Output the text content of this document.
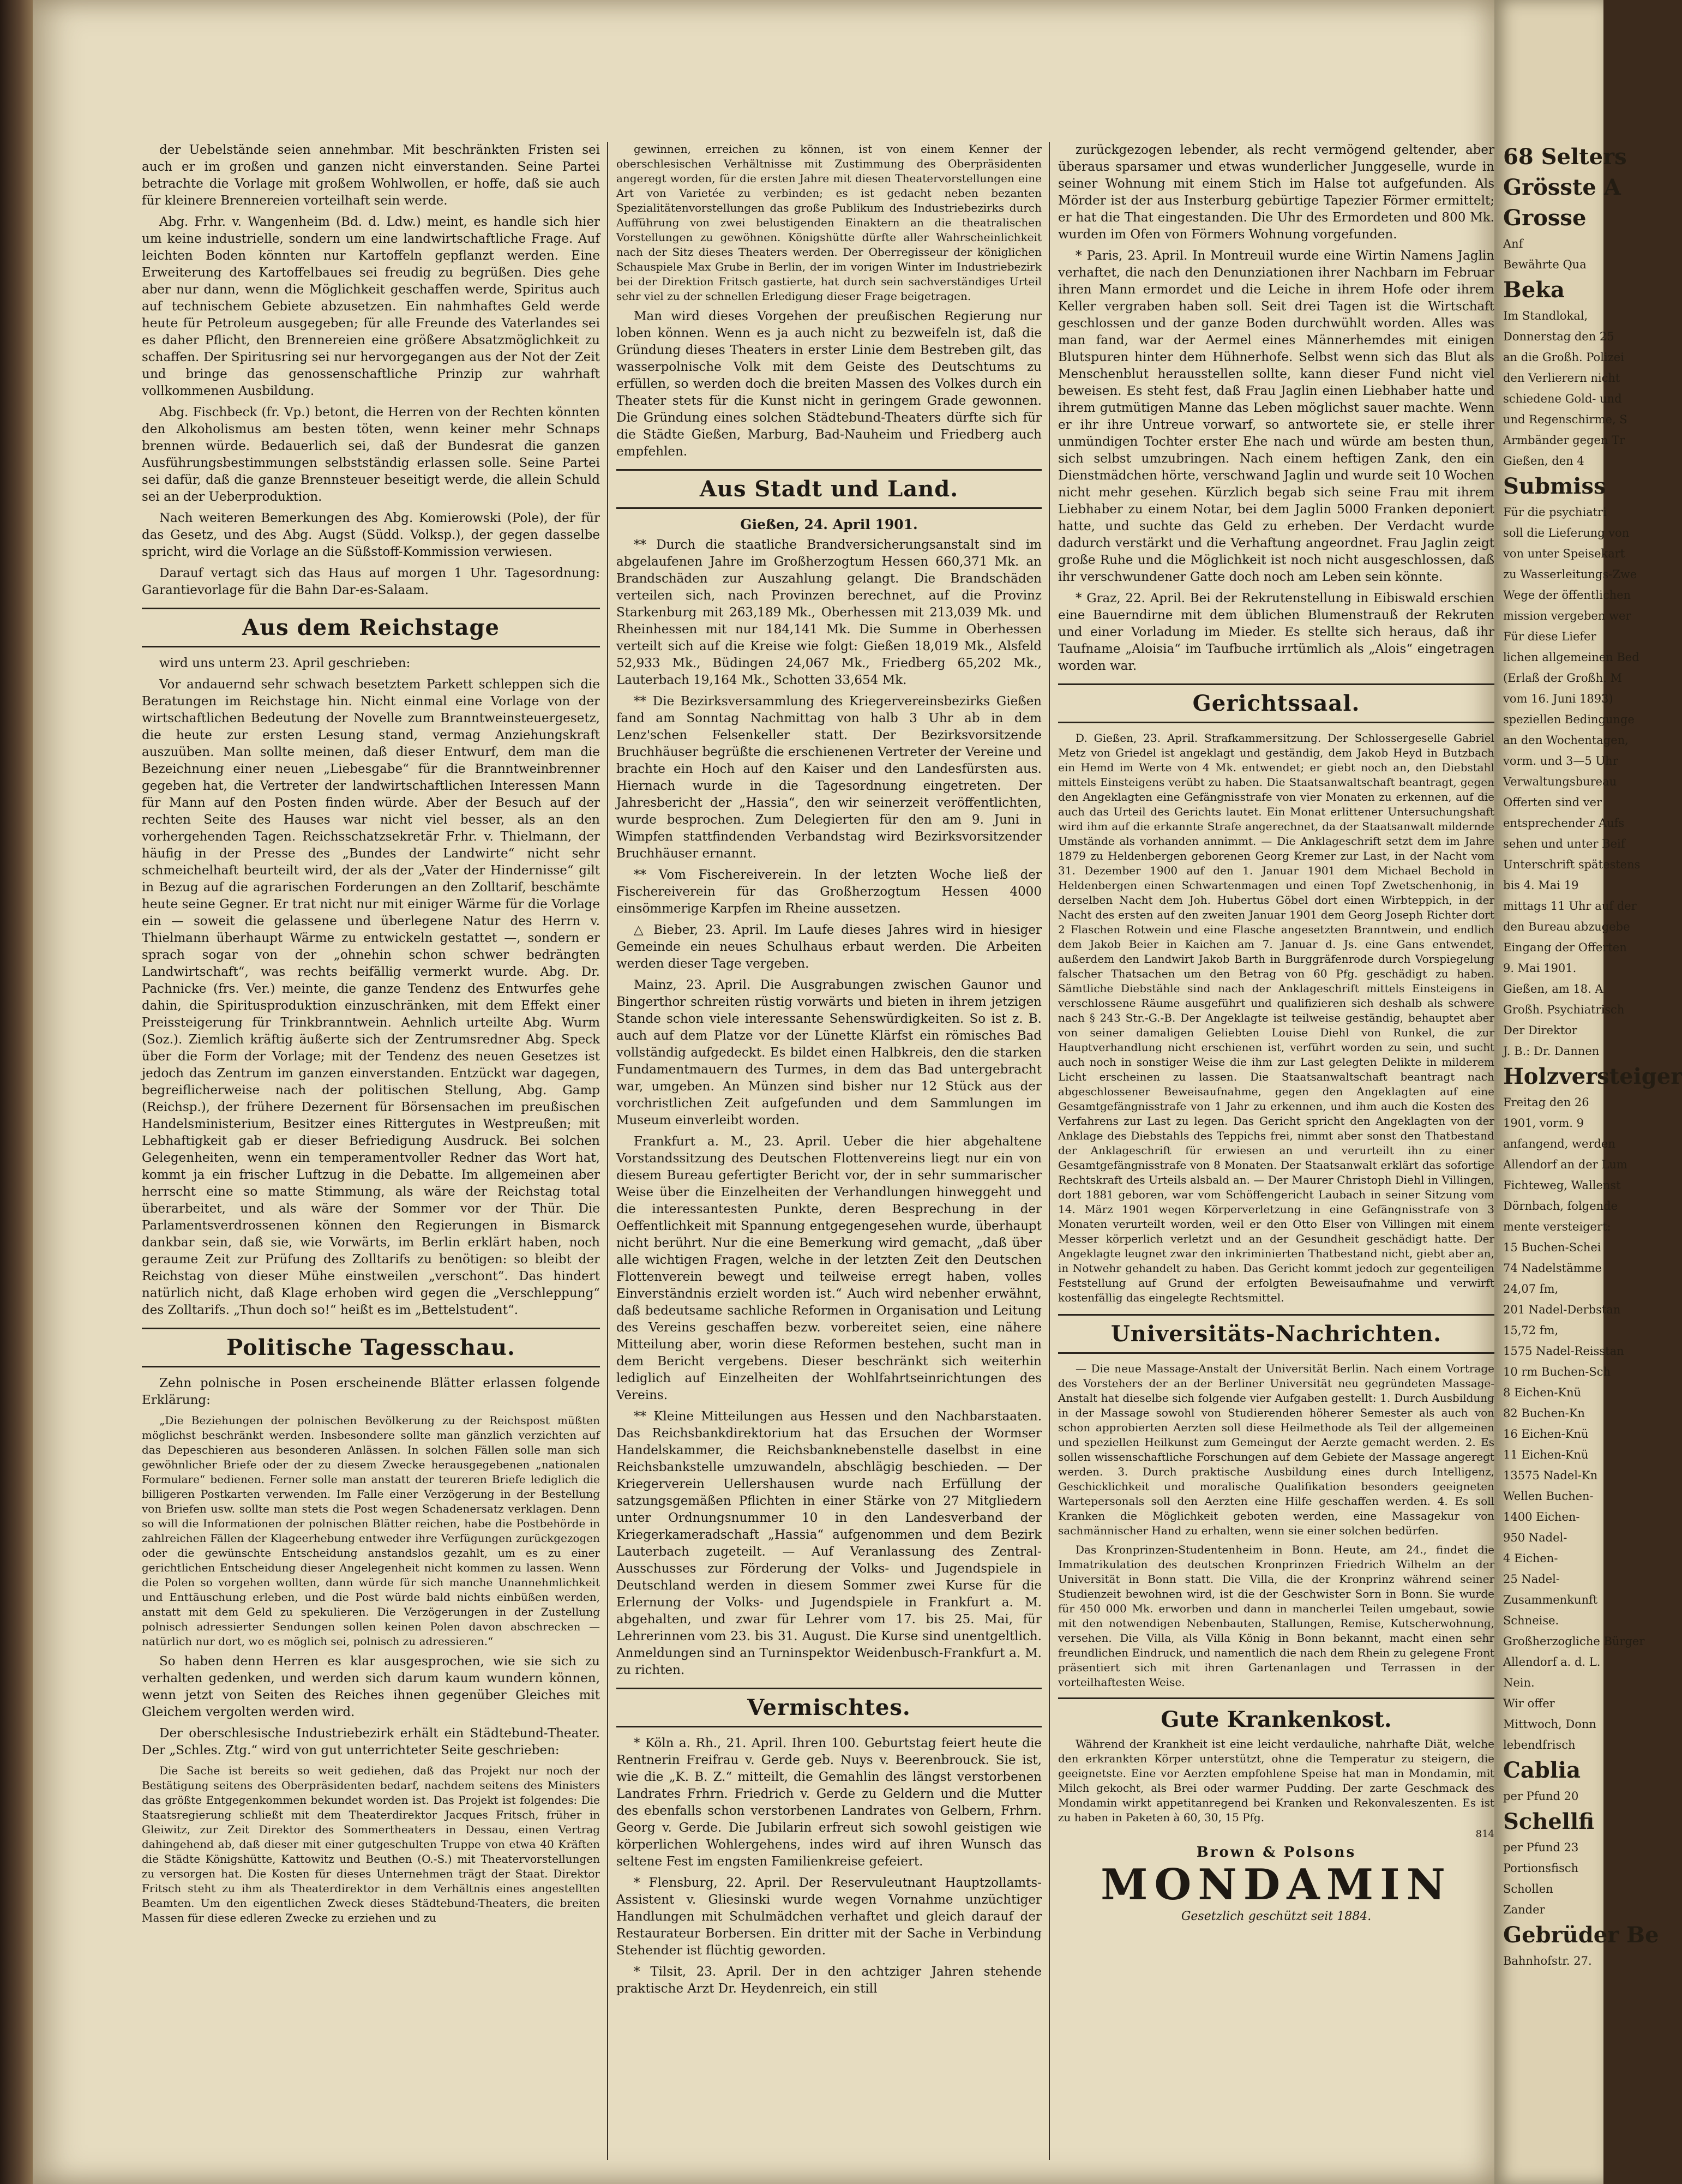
der Uebelstände seien annehmbar. Mit beschränkten Fristen sei auch er im großen und ganzen nicht einverstanden. Seine Partei betrachte die Vorlage mit großem Wohlwollen, er hoffe, daß sie auch für kleinere Brennereien vorteilhaft sein werde.

Abg. Frhr. v. Wangenheim (Bd. d. Ldw.) meint, es handle sich hier um keine industrielle, sondern um eine landwirtschaftliche Frage. Auf leichten Boden könnten nur Kartoffeln gepflanzt werden. Eine Erweiterung des Kartoffelbaues sei freudig zu begrüßen. Dies gehe aber nur dann, wenn die Möglichkeit geschaffen werde, Spiritus auch auf technischem Gebiete abzusetzen. Ein nahmhaftes Geld werde heute für Petroleum ausgegeben; für alle Freunde des Vaterlandes sei es daher Pflicht, den Brennereien eine größere Absatzmöglichkeit zu schaffen. Der Spiritusring sei nur hervorgegangen aus der Not der Zeit und bringe das genossenschaftliche Prinzip zur wahrhaft vollkommenen Ausbildung.

Abg. Fischbeck (fr. Vp.) betont, die Herren von der Rechten könnten den Alkoholismus am besten töten, wenn keiner mehr Schnaps brennen würde. Bedauerlich sei, daß der Bundesrat die ganzen Ausführungsbestimmungen selbstständig erlassen solle. Seine Partei sei dafür, daß die ganze Brennsteuer beseitigt werde, die allein Schuld sei an der Ueberproduktion.

Nach weiteren Bemerkungen des Abg. Komierowski (Pole), der für das Gesetz, und des Abg. Augst (Südd. Volksp.), der gegen dasselbe spricht, wird die Vorlage an die Süßstoff-Kommission verwiesen.

Darauf vertagt sich das Haus auf morgen 1 Uhr. Tagesordnung: Garantievorlage für die Bahn Dar-es-Salaam.

Aus dem Reichstage

wird uns unterm 23. April geschrieben:

Vor andauernd sehr schwach besetztem Parkett schleppen sich die Beratungen im Reichstage hin. Nicht einmal eine Vorlage von der wirtschaftlichen Bedeutung der Novelle zum Branntweinsteuergesetz, die heute zur ersten Lesung stand, vermag Anziehungskraft auszuüben. Man sollte meinen, daß dieser Entwurf, dem man die Bezeichnung einer neuen „Liebesgabe“ für die Branntweinbrenner gegeben hat, die Vertreter der landwirtschaftlichen Interessen Mann für Mann auf den Posten finden würde. Aber der Besuch auf der rechten Seite des Hauses war nicht viel besser, als an den vorhergehenden Tagen. Reichsschatzsekretär Frhr. v. Thielmann, der häufig in der Presse des „Bundes der Landwirte“ nicht sehr schmeichelhaft beurteilt wird, der als der „Vater der Hindernisse“ gilt in Bezug auf die agrarischen Forderungen an den Zolltarif, beschämte heute seine Gegner. Er trat nicht nur mit einiger Wärme für die Vorlage ein — soweit die gelassene und überlegene Natur des Herrn v. Thielmann überhaupt Wärme zu entwickeln gestattet —, sondern er sprach sogar von der „ohnehin schon schwer bedrängten Landwirtschaft“, was rechts beifällig vermerkt wurde. Abg. Dr. Pachnicke (frs. Ver.) meinte, die ganze Tendenz des Entwurfes gehe dahin, die Spiritusproduktion einzuschränken, mit dem Effekt einer Preissteigerung für Trinkbranntwein. Aehnlich urteilte Abg. Wurm (Soz.). Ziemlich kräftig äußerte sich der Zentrumsredner Abg. Speck über die Form der Vorlage; mit der Tendenz des neuen Gesetzes ist jedoch das Zentrum im ganzen einverstanden. Entzückt war dagegen, begreiflicherweise nach der politischen Stellung, Abg. Gamp (Reichsp.), der frühere Dezernent für Börsensachen im preußischen Handelsministerium, Besitzer eines Rittergutes in Westpreußen; mit Lebhaftigkeit gab er dieser Befriedigung Ausdruck. Bei solchen Gelegenheiten, wenn ein temperamentvoller Redner das Wort hat, kommt ja ein frischer Luftzug in die Debatte. Im allgemeinen aber herrscht eine so matte Stimmung, als wäre der Reichstag total überarbeitet, und als wäre der Sommer vor der Thür. Die Parlamentsverdrossenen können den Regierungen in Bismarck dankbar sein, daß sie, wie Vorwärts, im Berlin erklärt haben, noch geraume Zeit zur Prüfung des Zolltarifs zu benötigen: so bleibt der Reichstag von dieser Mühe einstweilen „verschont“. Das hindert natürlich nicht, daß Klage erhoben wird gegen die „Verschleppung“ des Zolltarifs. „Thun doch so!“ heißt es im „Bettelstudent“.

Politische Tagesschau.

Zehn polnische in Posen erscheinende Blätter erlassen folgende Erklärung:

„Die Beziehungen der polnischen Bevölkerung zu der Reichspost müßten möglichst beschränkt werden. Insbesondere sollte man gänzlich verzichten auf das Depeschieren aus besonderen Anlässen. In solchen Fällen solle man sich gewöhnlicher Briefe oder der zu diesem Zwecke herausgegebenen „nationalen Formulare“ bedienen. Ferner solle man anstatt der teureren Briefe lediglich die billigeren Postkarten verwenden. Im Falle einer Verzögerung in der Bestellung von Briefen usw. sollte man stets die Post wegen Schadenersatz verklagen. Denn so will die Informationen der polnischen Blätter reichen, habe die Postbehörde in zahlreichen Fällen der Klageerhebung entweder ihre Verfügungen zurückgezogen oder die gewünschte Entscheidung anstandslos gezahlt, um es zu einer gerichtlichen Entscheidung dieser Angelegenheit nicht kommen zu lassen. Wenn die Polen so vorgehen wollten, dann würde für sich manche Unannehmlichkeit und Enttäuschung erleben, und die Post würde bald nichts einbüßen werden, anstatt mit dem Geld zu spekulieren. Die Verzögerungen in der Zustellung polnisch adressierter Sendungen sollen keinen Polen davon abschrecken — natürlich nur dort, wo es möglich sei, polnisch zu adressieren.“

So haben denn Herren es klar ausgesprochen, wie sie sich zu verhalten gedenken, und werden sich darum kaum wundern können, wenn jetzt von Seiten des Reiches ihnen gegenüber Gleiches mit Gleichem vergolten werden wird.

Der oberschlesische Industriebezirk erhält ein Städtebund-Theater. Der „Schles. Ztg.“ wird von gut unterrichteter Seite geschrieben:

Die Sache ist bereits so weit gediehen, daß das Projekt nur noch der Bestätigung seitens des Oberpräsidenten bedarf, nachdem seitens des Ministers das größte Entgegenkommen bekundet worden ist. Das Projekt ist folgendes: Die Staatsregierung schließt mit dem Theaterdirektor Jacques Fritsch, früher in Gleiwitz, zur Zeit Direktor des Sommertheaters in Dessau, einen Vertrag dahingehend ab, daß dieser mit einer gutgeschulten Truppe von etwa 40 Kräften die Städte Königshütte, Kattowitz und Beuthen (O.-S.) mit Theatervorstellungen zu versorgen hat. Die Kosten für dieses Unternehmen trägt der Staat. Direktor Fritsch steht zu ihm als Theaterdirektor in dem Verhältnis eines angestellten Beamten. Um den eigentlichen Zweck dieses Städtebund-Theaters, die breiten Massen für diese edleren Zwecke zu erziehen und zu

gewinnen, erreichen zu können, ist von einem Kenner der oberschlesischen Verhältnisse mit Zustimmung des Oberpräsidenten angeregt worden, für die ersten Jahre mit diesen Theatervorstellungen eine Art von Varietée zu verbinden; es ist gedacht neben bezanten Spezialitätenvorstellungen das große Publikum des Industriebezirks durch Aufführung von zwei belustigenden Einaktern an die theatralischen Vorstellungen zu gewöhnen. Königshütte dürfte aller Wahrscheinlichkeit nach der Sitz dieses Theaters werden. Der Oberregisseur der königlichen Schauspiele Max Grube in Berlin, der im vorigen Winter im Industriebezirk bei der Direktion Fritsch gastierte, hat durch sein sachverständiges Urteil sehr viel zu der schnellen Erledigung dieser Frage beigetragen.

Man wird dieses Vorgehen der preußischen Regierung nur loben können. Wenn es ja auch nicht zu bezweifeln ist, daß die Gründung dieses Theaters in erster Linie dem Bestreben gilt, das wasserpolnische Volk mit dem Geiste des Deutschtums zu erfüllen, so werden doch die breiten Massen des Volkes durch ein Theater stets für die Kunst nicht in geringem Grade gewonnen. Die Gründung eines solchen Städtebund-Theaters dürfte sich für die Städte Gießen, Marburg, Bad-Nauheim und Friedberg auch empfehlen.

Aus Stadt und Land.
Gießen, 24. April 1901.

** Durch die staatliche Brandversicherungsanstalt sind im abgelaufenen Jahre im Großherzogtum Hessen 660,371 Mk. an Brandschäden zur Auszahlung gelangt. Die Brandschäden verteilen sich, nach Provinzen berechnet, auf die Provinz Starkenburg mit 263,189 Mk., Oberhessen mit 213,039 Mk. und Rheinhessen mit nur 184,141 Mk. Die Summe in Oberhessen verteilt sich auf die Kreise wie folgt: Gießen 18,019 Mk., Alsfeld 52,933 Mk., Büdingen 24,067 Mk., Friedberg 65,202 Mk., Lauterbach 19,164 Mk., Schotten 33,654 Mk.

** Die Bezirksversammlung des Kriegervereinsbezirks Gießen fand am Sonntag Nachmittag von halb 3 Uhr ab in dem Lenz'schen Felsenkeller statt. Der Bezirksvorsitzende Bruchhäuser begrüßte die erschienenen Vertreter der Vereine und brachte ein Hoch auf den Kaiser und den Landesfürsten aus. Hiernach wurde in die Tagesordnung eingetreten. Der Jahresbericht der „Hassia“, den wir seinerzeit veröffentlichten, wurde besprochen. Zum Delegierten für den am 9. Juni in Wimpfen stattfindenden Verbandstag wird Bezirksvorsitzender Bruchhäuser ernannt.

** Vom Fischereiverein. In der letzten Woche ließ der Fischereiverein für das Großherzogtum Hessen 4000 einsömmerige Karpfen im Rheine aussetzen.

△ Bieber, 23. April. Im Laufe dieses Jahres wird in hiesiger Gemeinde ein neues Schulhaus erbaut werden. Die Arbeiten werden dieser Tage vergeben.

Mainz, 23. April. Die Ausgrabungen zwischen Gaunor und Bingerthor schreiten rüstig vorwärts und bieten in ihrem jetzigen Stande schon viele interessante Sehenswürdigkeiten. So ist z. B. auch auf dem Platze vor der Lünette Klärfst ein römisches Bad vollständig aufgedeckt. Es bildet einen Halbkreis, den die starken Fundamentmauern des Turmes, in dem das Bad untergebracht war, umgeben. An Münzen sind bisher nur 12 Stück aus der vorchristlichen Zeit aufgefunden und dem Sammlungen im Museum einverleibt worden.

Frankfurt a. M., 23. April. Ueber die hier abgehaltene Vorstandssitzung des Deutschen Flottenvereins liegt nur ein von diesem Bureau gefertigter Bericht vor, der in sehr summarischer Weise über die Einzelheiten der Verhandlungen hinweggeht und die interessantesten Punkte, deren Besprechung in der Oeffentlichkeit mit Spannung entgegengesehen wurde, überhaupt nicht berührt. Nur die eine Bemerkung wird gemacht, „daß über alle wichtigen Fragen, welche in der letzten Zeit den Deutschen Flottenverein bewegt und teilweise erregt haben, volles Einverständnis erzielt worden ist.“ Auch wird nebenher erwähnt, daß bedeutsame sachliche Reformen in Organisation und Leitung des Vereins geschaffen bezw. vorbereitet seien, eine nähere Mitteilung aber, worin diese Reformen bestehen, sucht man in dem Bericht vergebens. Dieser beschränkt sich weiterhin lediglich auf Einzelheiten der Wohlfahrtseinrichtungen des Vereins.

** Kleine Mitteilungen aus Hessen und den Nachbarstaaten. Das Reichsbankdirektorium hat das Ersuchen der Wormser Handelskammer, die Reichsbanknebenstelle daselbst in eine Reichsbankstelle umzuwandeln, abschlägig beschieden. — Der Kriegerverein Uellershausen wurde nach Erfüllung der satzungsgemäßen Pflichten in einer Stärke von 27 Mitgliedern unter Ordnungsnummer 10 in den Landesverband der Kriegerkameradschaft „Hassia“ aufgenommen und dem Bezirk Lauterbach zugeteilt. — Auf Veranlassung des Zentral-Ausschusses zur Förderung der Volks- und Jugendspiele in Deutschland werden in diesem Sommer zwei Kurse für die Erlernung der Volks- und Jugendspiele in Frankfurt a. M. abgehalten, und zwar für Lehrer vom 17. bis 25. Mai, für Lehrerinnen vom 23. bis 31. August. Die Kurse sind unentgeltlich. Anmeldungen sind an Turninspektor Weidenbusch-Frankfurt a. M. zu richten.

Vermischtes.

* Köln a. Rh., 21. April. Ihren 100. Geburtstag feiert heute die Rentnerin Freifrau v. Gerde geb. Nuys v. Beerenbrouck. Sie ist, wie die „K. B. Z.“ mitteilt, die Gemahlin des längst verstorbenen Landrates Frhrn. Friedrich v. Gerde zu Geldern und die Mutter des ebenfalls schon verstorbenen Landrates von Gelbern, Frhrn. Georg v. Gerde. Die Jubilarin erfreut sich sowohl geistigen wie körperlichen Wohlergehens, indes wird auf ihren Wunsch das seltene Fest im engsten Familienkreise gefeiert.

* Flensburg, 22. April. Der Reservuleutnant Hauptzollamts-Assistent v. Gliesinski wurde wegen Vornahme unzüchtiger Handlungen mit Schulmädchen verhaftet und gleich darauf der Restaurateur Borbersen. Ein dritter mit der Sache in Verbindung Stehender ist flüchtig geworden.

* Tilsit, 23. April. Der in den achtziger Jahren stehende praktische Arzt Dr. Heydenreich, ein still

zurückgezogen lebender, als recht vermögend geltender, aber überaus sparsamer und etwas wunderlicher Junggeselle, wurde in seiner Wohnung mit einem Stich im Halse tot aufgefunden. Als Mörder ist der aus Insterburg gebürtige Tapezier Förmer ermittelt; er hat die That eingestanden. Die Uhr des Ermordeten und 800 Mk. wurden im Ofen von Förmers Wohnung vorgefunden.

* Paris, 23. April. In Montreuil wurde eine Wirtin Namens Jaglin verhaftet, die nach den Denunziationen ihrer Nachbarn im Februar ihren Mann ermordet und die Leiche in ihrem Hofe oder ihrem Keller vergraben haben soll. Seit drei Tagen ist die Wirtschaft geschlossen und der ganze Boden durchwühlt worden. Alles was man fand, war der Aermel eines Männerhemdes mit einigen Blutspuren hinter dem Hühnerhofe. Selbst wenn sich das Blut als Menschenblut herausstellen sollte, kann dieser Fund nicht viel beweisen. Es steht fest, daß Frau Jaglin einen Liebhaber hatte und ihrem gutmütigen Manne das Leben möglichst sauer machte. Wenn er ihr ihre Untreue vorwarf, so antwortete sie, er stelle ihrer unmündigen Tochter erster Ehe nach und würde am besten thun, sich selbst umzubringen. Nach einem heftigen Zank, den ein Dienstmädchen hörte, verschwand Jaglin und wurde seit 10 Wochen nicht mehr gesehen. Kürzlich begab sich seine Frau mit ihrem Liebhaber zu einem Notar, bei dem Jaglin 5000 Franken deponiert hatte, und suchte das Geld zu erheben. Der Verdacht wurde dadurch verstärkt und die Verhaftung angeordnet. Frau Jaglin zeigt große Ruhe und die Möglichkeit ist noch nicht ausgeschlossen, daß ihr verschwundener Gatte doch noch am Leben sein könnte.

* Graz, 22. April. Bei der Rekrutenstellung in Eibiswald erschien eine Bauerndirne mit dem üblichen Blumenstrauß der Rekruten und einer Vorladung im Mieder. Es stellte sich heraus, daß ihr Taufname „Aloisia“ im Taufbuche irrtümlich als „Alois“ eingetragen worden war.

Gerichtssaal.

D. Gießen, 23. April. Strafkammersitzung. Der Schlossergeselle Gabriel Metz von Griedel ist angeklagt und geständig, dem Jakob Heyd in Butzbach ein Hemd im Werte von 4 Mk. entwendet; er giebt noch an, den Diebstahl mittels Einsteigens verübt zu haben. Die Staatsanwaltschaft beantragt, gegen den Angeklagten eine Gefängnisstrafe von vier Monaten zu erkennen, auf die auch das Urteil des Gerichts lautet. Ein Monat erlittener Untersuchungshaft wird ihm auf die erkannte Strafe angerechnet, da der Staatsanwalt mildernde Umstände als vorhanden annimmt. — Die Anklageschrift setzt dem im Jahre 1879 zu Heldenbergen geborenen Georg Kremer zur Last, in der Nacht vom 31. Dezember 1900 auf den 1. Januar 1901 dem Michael Bechold in Heldenbergen einen Schwartenmagen und einen Topf Zwetschenhonig, in derselben Nacht dem Joh. Hubertus Göbel dort einen Wirbteppich, in der Nacht des ersten auf den zweiten Januar 1901 dem Georg Joseph Richter dort 2 Flaschen Rotwein und eine Flasche angesetzten Branntwein, und endlich dem Jakob Beier in Kaichen am 7. Januar d. Js. eine Gans entwendet, außerdem den Landwirt Jakob Barth in Burggräfenrode durch Vorspiegelung falscher Thatsachen um den Betrag von 60 Pfg. geschädigt zu haben. Sämtliche Diebstähle sind nach der Anklageschrift mittels Einsteigens in verschlossene Räume ausgeführt und qualifizieren sich deshalb als schwere nach § 243 Str.-G.-B. Der Angeklagte ist teilweise geständig, behauptet aber von seiner damaligen Geliebten Louise Diehl von Runkel, die zur Hauptverhandlung nicht erschienen ist, verführt worden zu sein, und sucht auch noch in sonstiger Weise die ihm zur Last gelegten Delikte in milderem Licht erscheinen zu lassen. Die Staatsanwaltschaft beantragt nach abgeschlossener Beweisaufnahme, gegen den Angeklagten auf eine Gesamtgefängnisstrafe von 1 Jahr zu erkennen, und ihm auch die Kosten des Verfahrens zur Last zu legen. Das Gericht spricht den Angeklagten von der Anklage des Diebstahls des Teppichs frei, nimmt aber sonst den Thatbestand der Anklageschrift für erwiesen an und verurteilt ihn zu einer Gesamtgefängnisstrafe von 8 Monaten. Der Staatsanwalt erklärt das sofortige Rechtskraft des Urteils alsbald an. — Der Maurer Christoph Diehl in Villingen, dort 1881 geboren, war vom Schöffengericht Laubach in seiner Sitzung vom 14. März 1901 wegen Körperverletzung in eine Gefängnisstrafe von 3 Monaten verurteilt worden, weil er den Otto Elser von Villingen mit einem Messer körperlich verletzt und an der Gesundheit geschädigt hatte. Der Angeklagte leugnet zwar den inkriminierten Thatbestand nicht, giebt aber an, in Notwehr gehandelt zu haben. Das Gericht kommt jedoch zur gegenteiligen Feststellung auf Grund der erfolgten Beweisaufnahme und verwirft kostenfällig das eingelegte Rechtsmittel.

Universitäts-Nachrichten.

— Die neue Massage-Anstalt der Universität Berlin. Nach einem Vortrage des Vorstehers der an der Berliner Universität neu gegründeten Massage-Anstalt hat dieselbe sich folgende vier Aufgaben gestellt: 1. Durch Ausbildung in der Massage sowohl von Studierenden höherer Semester als auch von schon approbierten Aerzten soll diese Heilmethode als Teil der allgemeinen und speziellen Heilkunst zum Gemeingut der Aerzte gemacht werden. 2. Es sollen wissenschaftliche Forschungen auf dem Gebiete der Massage angeregt werden. 3. Durch praktische Ausbildung eines durch Intelligenz, Geschicklichkeit und moralische Qualifikation besonders geeigneten Wartepersonals soll den Aerzten eine Hilfe geschaffen werden. 4. Es soll Kranken die Möglichkeit geboten werden, eine Massagekur von sachmännischer Hand zu erhalten, wenn sie einer solchen bedürfen.

Das Kronprinzen-Studentenheim in Bonn. Heute, am 24., findet die Immatrikulation des deutschen Kronprinzen Friedrich Wilhelm an der Universität in Bonn statt. Die Villa, die der Kronprinz während seiner Studienzeit bewohnen wird, ist die der Geschwister Sorn in Bonn. Sie wurde für 450 000 Mk. erworben und dann in mancherlei Teilen umgebaut, sowie mit den notwendigen Nebenbauten, Stallungen, Remise, Kutscherwohnung, versehen. Die Villa, als Villa König in Bonn bekannt, macht einen sehr freundlichen Eindruck, und namentlich die nach dem Rhein zu gelegene Front präsentiert sich mit ihren Gartenanlagen und Terrassen in der vorteilhaftesten Weise.

Gute Krankenkost.
Während der Krankheit ist eine leicht verdauliche, nahrhafte Diät, welche den erkrankten Körper unterstützt, ohne die Temperatur zu steigern, die geeignetste. Eine vor Aerzten empfohlene Speise hat man in Mondamin, mit Milch gekocht, als Brei oder warmer Pudding. Der zarte Geschmack des Mondamin wirkt appetitanregend bei Kranken und Rekonvaleszenten. Es ist zu haben in Paketen à 60, 30, 15 Pfg.
814
Brown & Polsons
MONDAMIN
Gesetzlich geschützt seit 1884.
68 Selters
Grösste A
Grosse
Anf
Bewährte Qua
Beka
Im Standlokal,
Donnerstag den 25
an die Großh. Polizei
den Verlierern nicht
schiedene Gold- und
und Regenschirme, S
Armbänder gegen Tr
Gießen, den 4
Submiss
Für die psychiatri
soll die Lieferung von
von unter Speisekart
zu Wasserleitungs-Zwe
Wege der öffentlichen
mission vergeben wer
Für diese Liefer
lichen allgemeinen Bed
(Erlaß der Großh. M
vom 16. Juni 1893)
speziellen Bedingunge
an den Wochentagen,
vorm. und 3—5 Uhr
Verwaltungsbureau
Offerten sind ver
entsprechender Aufs
sehen und unter Beif
Unterschrift spätestens
bis 4. Mai 19
mittags 11 Uhr auf der
den Bureau abzugebe
Eingang der Offerten
9. Mai 1901.
Gießen, am 18. A
Großh. Psychiatrisch
Der Direktor
J. B.: Dr. Dannen
Holzversteiger
Freitag den 26
1901, vorm. 9
anfangend, werden
Allendorf an der Lum
Fichteweg, Wallenst
Dörnbach, folgende
mente versteigert:
15 Buchen-Schei
74 Nadelstämme
24,07 fm,
201 Nadel-Derbstan
15,72 fm,
1575 Nadel-Reisstan
10 rm Buchen-Sch
8 Eichen-Knü
82 Buchen-Kn
16 Eichen-Knü
11 Eichen-Knü
13575 Nadel-Kn
Wellen Buchen-
1400 Eichen-
950 Nadel-
4 Eichen-
25 Nadel-
Zusammenkunft
Schneise.
Großherzogliche Bürger
Allendorf a. d. L.
Nein.
Wir offer
Mittwoch, Donn
lebendfrisch
Cablia
per Pfund 20
Schellfi
per Pfund 23
Portionsfisch
Schollen
Zander
Gebrüder Be
Bahnhofstr. 27.
